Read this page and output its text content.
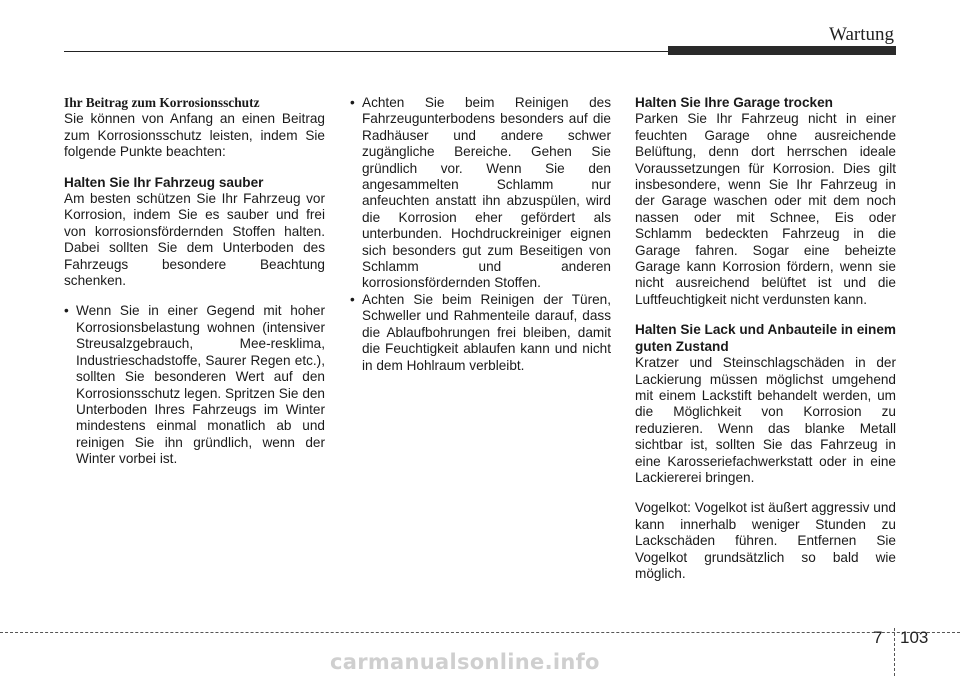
Wartung

Ihr Beitrag zum Korrosionsschutz

Sie können von Anfang an einen Beitrag zum Korrosionsschutz leisten, indem Sie folgende Punkte beachten:

Halten Sie Ihr Fahrzeug sauber

Am besten schützen Sie Ihr Fahrzeug vor Korrosion, indem Sie es sauber und frei von korrosionsfördernden Stoffen halten. Dabei sollten Sie dem Unterboden des Fahrzeugs besondere Beachtung schenken.

• Wenn Sie in einer Gegend mit hoher Korrosionsbelastung wohnen (intensiver Streusalzgebrauch, Mee-resklima, Industrieschadstoffe, Saurer Regen etc.), sollten Sie besonderen Wert auf den Korrosionsschutz legen. Spritzen Sie den Unterboden Ihres Fahrzeugs im Winter mindestens einmal monatlich ab und reinigen Sie ihn gründlich, wenn der Winter vorbei ist.
• Achten Sie beim Reinigen des Fahrzeugunterbodens besonders auf die Radhäuser und andere schwer zugängliche Bereiche. Gehen Sie gründlich vor. Wenn Sie den angesammelten Schlamm nur anfeuchten anstatt ihn abzuspülen, wird die Korrosion eher gefördert als unterbunden. Hochdruckreiniger eignen sich besonders gut zum Beseitigen von Schlamm und anderen korrosionsfördernden Stoffen.
• Achten Sie beim Reinigen der Türen, Schweller und Rahmenteile darauf, dass die Ablaufbohrungen frei bleiben, damit die Feuchtigkeit ablaufen kann und nicht in dem Hohlraum verbleibt.

Halten Sie Ihre Garage trocken

Parken Sie Ihr Fahrzeug nicht in einer feuchten Garage ohne ausreichende Belüftung, denn dort herrschen ideale Voraussetzungen für Korrosion. Dies gilt insbesondere, wenn Sie Ihr Fahrzeug in der Garage waschen oder mit dem noch nassen oder mit Schnee, Eis oder Schlamm bedeckten Fahrzeug in die Garage fahren. Sogar eine beheizte Garage kann Korrosion fördern, wenn sie nicht ausreichend belüftet ist und die Luftfeuchtigkeit nicht verdunsten kann.

Halten Sie Lack und Anbauteile in einem guten Zustand

Kratzer und Steinschlagschäden in der Lackierung müssen möglichst umgehend mit einem Lackstift behandelt werden, um die Möglichkeit von Korrosion zu reduzieren. Wenn das blanke Metall sichtbar ist, sollten Sie das Fahrzeug in eine Karosseriefachwerkstatt oder in eine Lackiererei bringen.

Vogelkot: Vogelkot ist äußert aggressiv und kann innerhalb weniger Stunden zu Lackschäden führen. Entfernen Sie Vogelkot grundsätzlich so bald wie möglich.

7 103
carmanualsonline.info
